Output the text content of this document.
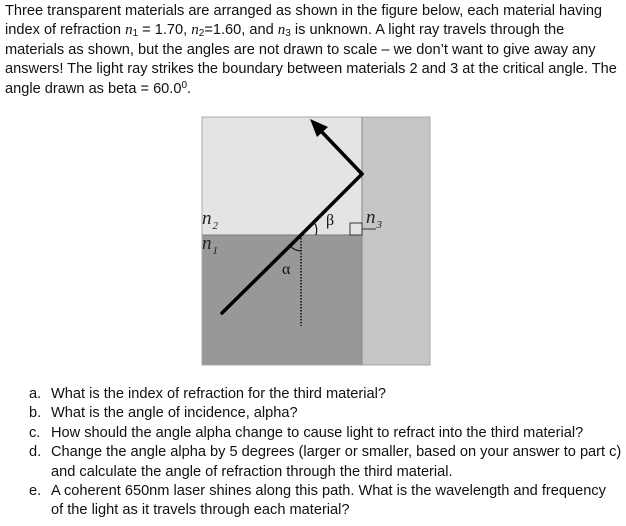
Three transparent materials are arranged as shown in the figure below, each material having index of refraction $n_1 = 1.70$, $n_2=1.60$, and $n_3$ is unknown. A light ray travels through the materials as shown, but the angles are not drawn to scale – we don’t want to give away any answers! The light ray strikes the boundary between materials 2 and 3 at the critical angle. The angle drawn as beta = $60.0^0$.

$n_2$
$n_1$
$n_3$
β
α
a. What is the index of refraction for the third material?
b. What is the angle of incidence, alpha?
c. How should the angle alpha change to cause light to refract into the third material?
d. Change the angle alpha by 5 degrees (larger or smaller, based on your answer to part c) and calculate the angle of refraction through the third material.
e. A coherent 650nm laser shines along this path. What is the wavelength and frequency of the light as it travels through each material?
